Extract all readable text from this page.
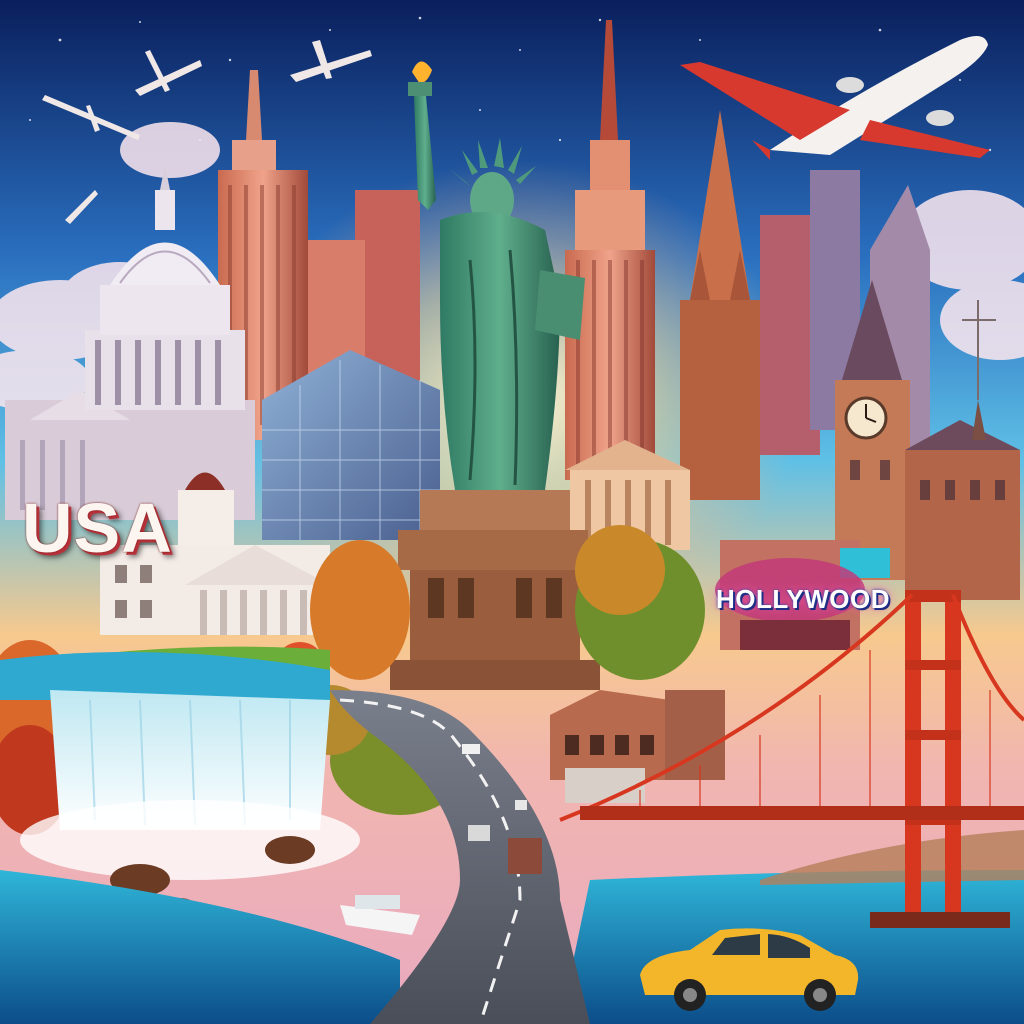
USA
HOLLYWOOD
